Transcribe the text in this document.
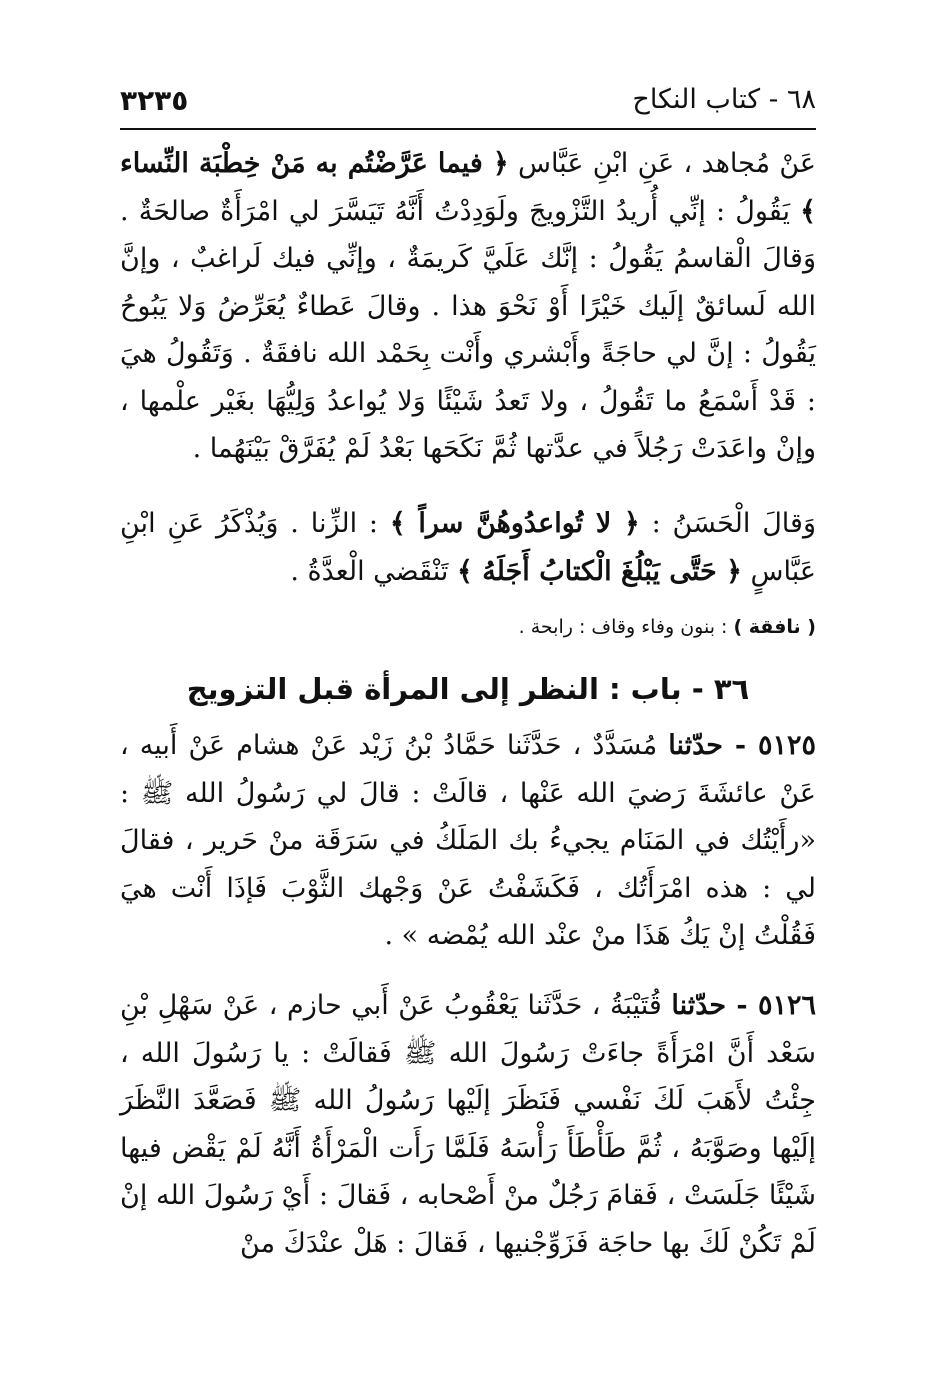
٦٨ - كتاب النكاح
٣٢٣٥

عَنْ مُجاهد ، عَنِ ابْنِ عَبَّاس ﴿ فيما عَرَّضْتُم به مَنْ خِطْبَة النِّساء ﴾ يَقُولُ : إنِّي أُريدُ التَّزْويجَ ولَوَدِدْتُ أَنَّهُ تَيَسَّرَ لي امْرَأَةٌ صالحَةٌ . وَقالَ الْقاسمُ يَقُولُ : إنَّك عَلَيَّ كَريمَةٌ ، وإنِّي فيك لَراغبٌ ، وإنَّ الله لَسائقٌ إلَيك خَيْرًا أَوْ نَحْوَ هذا . وقالَ عَطاءٌ يُعَرِّضُ وَلا يَبُوحُ يَقُولُ : إنَّ لي حاجَةً وأَبْشري وأَنْت بِحَمْد الله نافقَةٌ . وَتَقُولُ هيَ : قَدْ أَسْمَعُ ما تَقُولُ ، ولا تَعدُ شَيْئًا وَلا يُواعدُ وَلِيُّهَا بغَيْر علْمها ، وإنْ واعَدَتْ رَجُلاً في عدَّتها ثُمَّ نَكَحَها بَعْدُ لَمْ يُفَرَّقْ بَيْنَهُما .

وَقالَ الْحَسَنُ : ﴿ لا تُواعدُوهُنَّ سراً ﴾ : الزِّنا . وَيُذْكَرُ عَنِ ابْنِ عَبَّاسٍ ﴿ حَتَّى يَبْلُغَ الْكتابُ أَجَلَهُ ﴾ تَنْقَضي الْعدَّةُ .

( نافقة ) : بنون وفاء وقاف : رابحة .
٣٦ - باب : النظر إلى المرأة قبل التزويج

٥١٢٥ - حدّثنا مُسَدَّدٌ ، حَدَّثَنا حَمَّادُ بْنُ زَيْد عَنْ هشام عَنْ أَبيه ، عَنْ عائشَةَ رَضيَ الله عَنْها ، قالَتْ : قالَ لي رَسُولُ الله ﷺ : «رأَيْتُك في المَنَام يجيءُ بك المَلَكُ في سَرَقَة منْ حَرير ، فقالَ لي : هذه امْرَأَتُك ، فَكَشَفْتُ عَنْ وَجْهك الثَّوْبَ فَإذَا أَنْت هيَ فَقُلْتُ إنْ يَكُ هَذَا منْ عنْد الله يُمْضه » .

٥١٢٦ - حدّثنا قُتَيْبَةُ ، حَدَّثَنا يَعْقُوبُ عَنْ أَبي حازم ، عَنْ سَهْلِ بْنِ سَعْد أَنَّ امْرَأَةً جاءَتْ رَسُولَ الله ﷺ فَقالَتْ : يا رَسُولَ الله ، جِئْتُ لأَهَبَ لَكَ نَفْسي فَنَظَرَ إلَيْها رَسُولُ الله ﷺ فَصَعَّدَ النَّظَرَ إلَيْها وصَوَّبَهُ ، ثُمَّ طَأْطَأَ رَأْسَهُ فَلَمَّا رَأَت الْمَرْأَةُ أَنَّهُ لَمْ يَقْض فيها شَيْئًا جَلَسَتْ ، فَقامَ رَجُلٌ منْ أَصْحابه ، فَقالَ : أَيْ رَسُولَ الله إنْ لَمْ تَكُنْ لَكَ بها حاجَة فَزَوِّجْنيها ، فَقالَ : هَلْ عنْدَكَ منْ
